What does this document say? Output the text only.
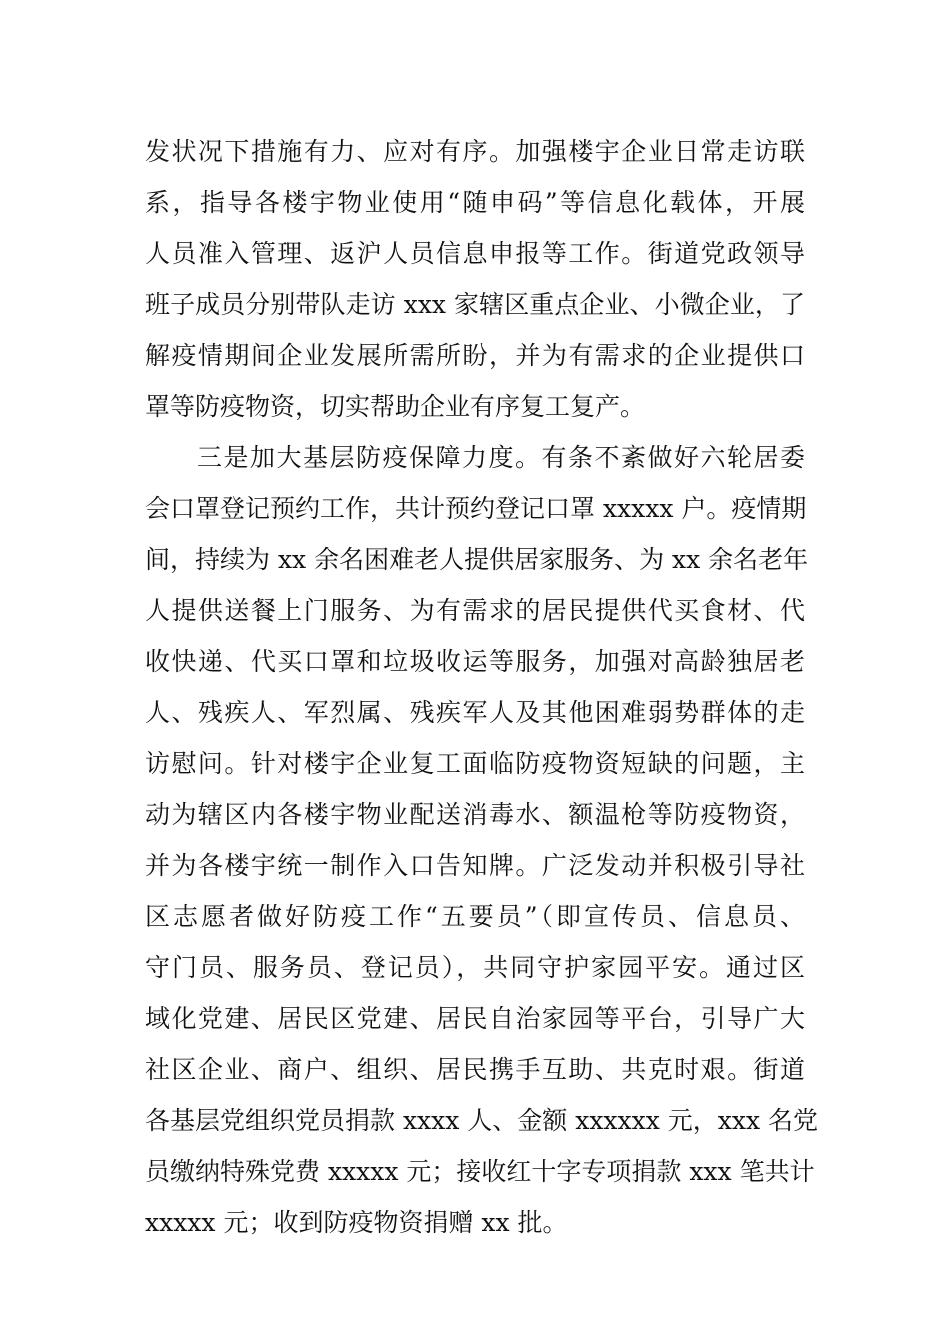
发状况下措施有力、应对有序。加强楼宇企业日常走访联
系，指导各楼宇物业使用“随申码”等信息化载体，开展
人员准入管理、返沪人员信息申报等工作。街道党政领导
班子成员分别带队走访 xxx 家辖区重点企业、小微企业，了
解疫情期间企业发展所需所盼，并为有需求的企业提供口
罩等防疫物资，切实帮助企业有序复工复产。
三是加大基层防疫保障力度。有条不紊做好六轮居委
会口罩登记预约工作，共计预约登记口罩 xxxxx 户。疫情期
间，持续为 xx 余名困难老人提供居家服务、为 xx 余名老年
人提供送餐上门服务、为有需求的居民提供代买食材、代
收快递、代买口罩和垃圾收运等服务，加强对高龄独居老
人、残疾人、军烈属、残疾军人及其他困难弱势群体的走
访慰问。针对楼宇企业复工面临防疫物资短缺的问题，主
动为辖区内各楼宇物业配送消毒水、额温枪等防疫物资，
并为各楼宇统一制作入口告知牌。广泛发动并积极引导社
区志愿者做好防疫工作“五要员”（即宣传员、信息员、
守门员、服务员、登记员），共同守护家园平安。通过区
域化党建、居民区党建、居民自治家园等平台，引导广大
社区企业、商户、组织、居民携手互助、共克时艰。街道
各基层党组织党员捐款 xxxx 人、金额 xxxxxx 元，xxx 名党
员缴纳特殊党费 xxxxx 元；接收红十字专项捐款 xxx 笔共计
xxxxx 元；收到防疫物资捐赠 xx 批。
